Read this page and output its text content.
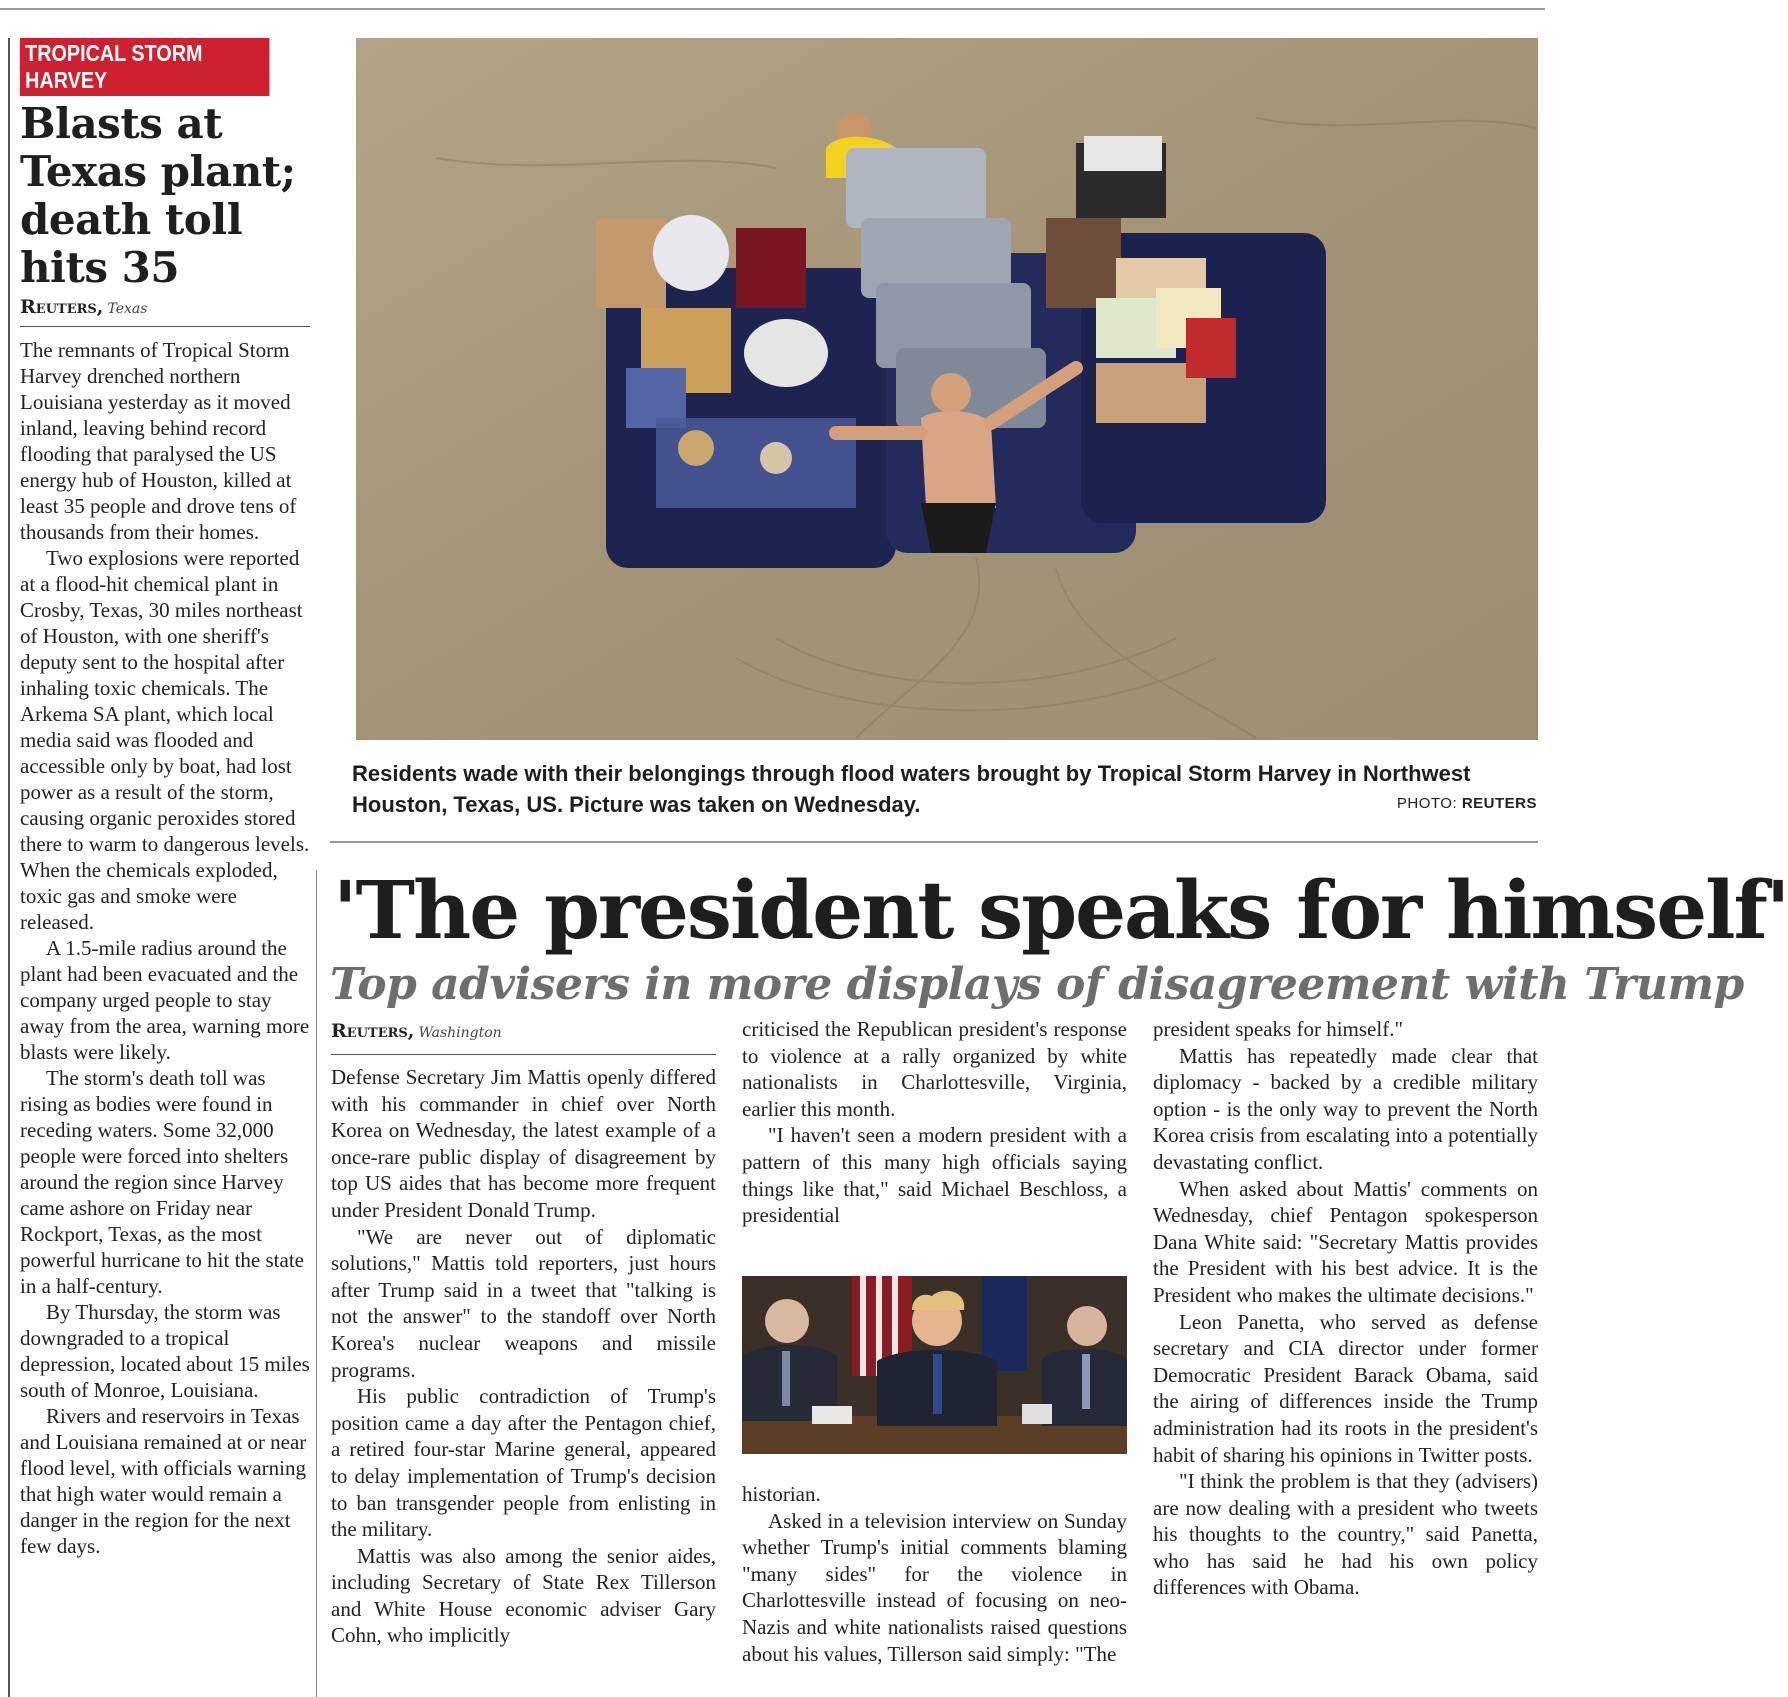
TROPICAL STORM HARVEY
Blasts at Texas plant; death toll hits 35
Reuters, Texas

The remnants of Tropical Storm Harvey drenched northern Louisiana yesterday as it moved inland, leaving behind record flooding that paralysed the US energy hub of Houston, killed at least 35 people and drove tens of thousands from their homes.

Two explosions were reported at a flood-hit chemical plant in Crosby, Texas, 30 miles northeast of Houston, with one sheriff's deputy sent to the hospital after inhaling toxic chemicals. The Arkema SA plant, which local media said was flooded and accessible only by boat, had lost power as a result of the storm, causing organic peroxides stored there to warm to dangerous levels. When the chemicals exploded, toxic gas and smoke were released.

A 1.5-mile radius around the plant had been evacuated and the company urged people to stay away from the area, warning more blasts were likely.

The storm's death toll was rising as bodies were found in receding waters. Some 32,000 people were forced into shelters around the region since Harvey came ashore on Friday near Rockport, Texas, as the most powerful hurricane to hit the state in a half-century.

By Thursday, the storm was downgraded to a tropical depression, located about 15 miles south of Monroe, Louisiana.

Rivers and reservoirs in Texas and Louisiana remained at or near flood level, with officials warning that high water would remain a danger in the region for the next few days.

Residents wade with their belongings through flood waters brought by Tropical Storm Harvey in Northwest Houston, Texas, US. Picture was taken on Wednesday.	PHOTO: REUTERS
'The president speaks for himself'
Top advisers in more displays of disagreement with Trump
Reuters, Washington

Defense Secretary Jim Mattis openly differed with his commander in chief over North Korea on Wednesday, the latest example of a once-rare public display of disagreement by top US aides that has become more frequent under President Donald Trump.

"We are never out of diplomatic solutions," Mattis told reporters, just hours after Trump said in a tweet that "talking is not the answer" to the standoff over North Korea's nuclear weapons and missile programs.

His public contradiction of Trump's position came a day after the Pentagon chief, a retired four-star Marine general, appeared to delay implementation of Trump's decision to ban transgender people from enlisting in the military.

Mattis was also among the senior aides, including Secretary of State Rex Tillerson and White House economic adviser Gary Cohn, who implicitly

criticised the Republican president's response to violence at a rally organized by white nationalists in Charlottesville, Virginia, earlier this month.

"I haven't seen a modern president with a pattern of this many high officials saying things like that," said Michael Beschloss, a presidential

historian.

Asked in a television interview on Sunday whether Trump's initial comments blaming "many sides" for the violence in Charlottesville instead of focusing on neo-Nazis and white nationalists raised questions about his values, Tillerson said simply: "The

president speaks for himself."

Mattis has repeatedly made clear that diplomacy - backed by a credible military option - is the only way to prevent the North Korea crisis from escalating into a potentially devastating conflict.

When asked about Mattis' comments on Wednesday, chief Pentagon spokesperson Dana White said: "Secretary Mattis provides the President with his best advice. It is the President who makes the ultimate decisions."

Leon Panetta, who served as defense secretary and CIA director under former Democratic President Barack Obama, said the airing of differences inside the Trump administration had its roots in the president's habit of sharing his opinions in Twitter posts.

"I think the problem is that they (advisers) are now dealing with a president who tweets his thoughts to the country," said Panetta, who has said he had his own policy differences with Obama.
